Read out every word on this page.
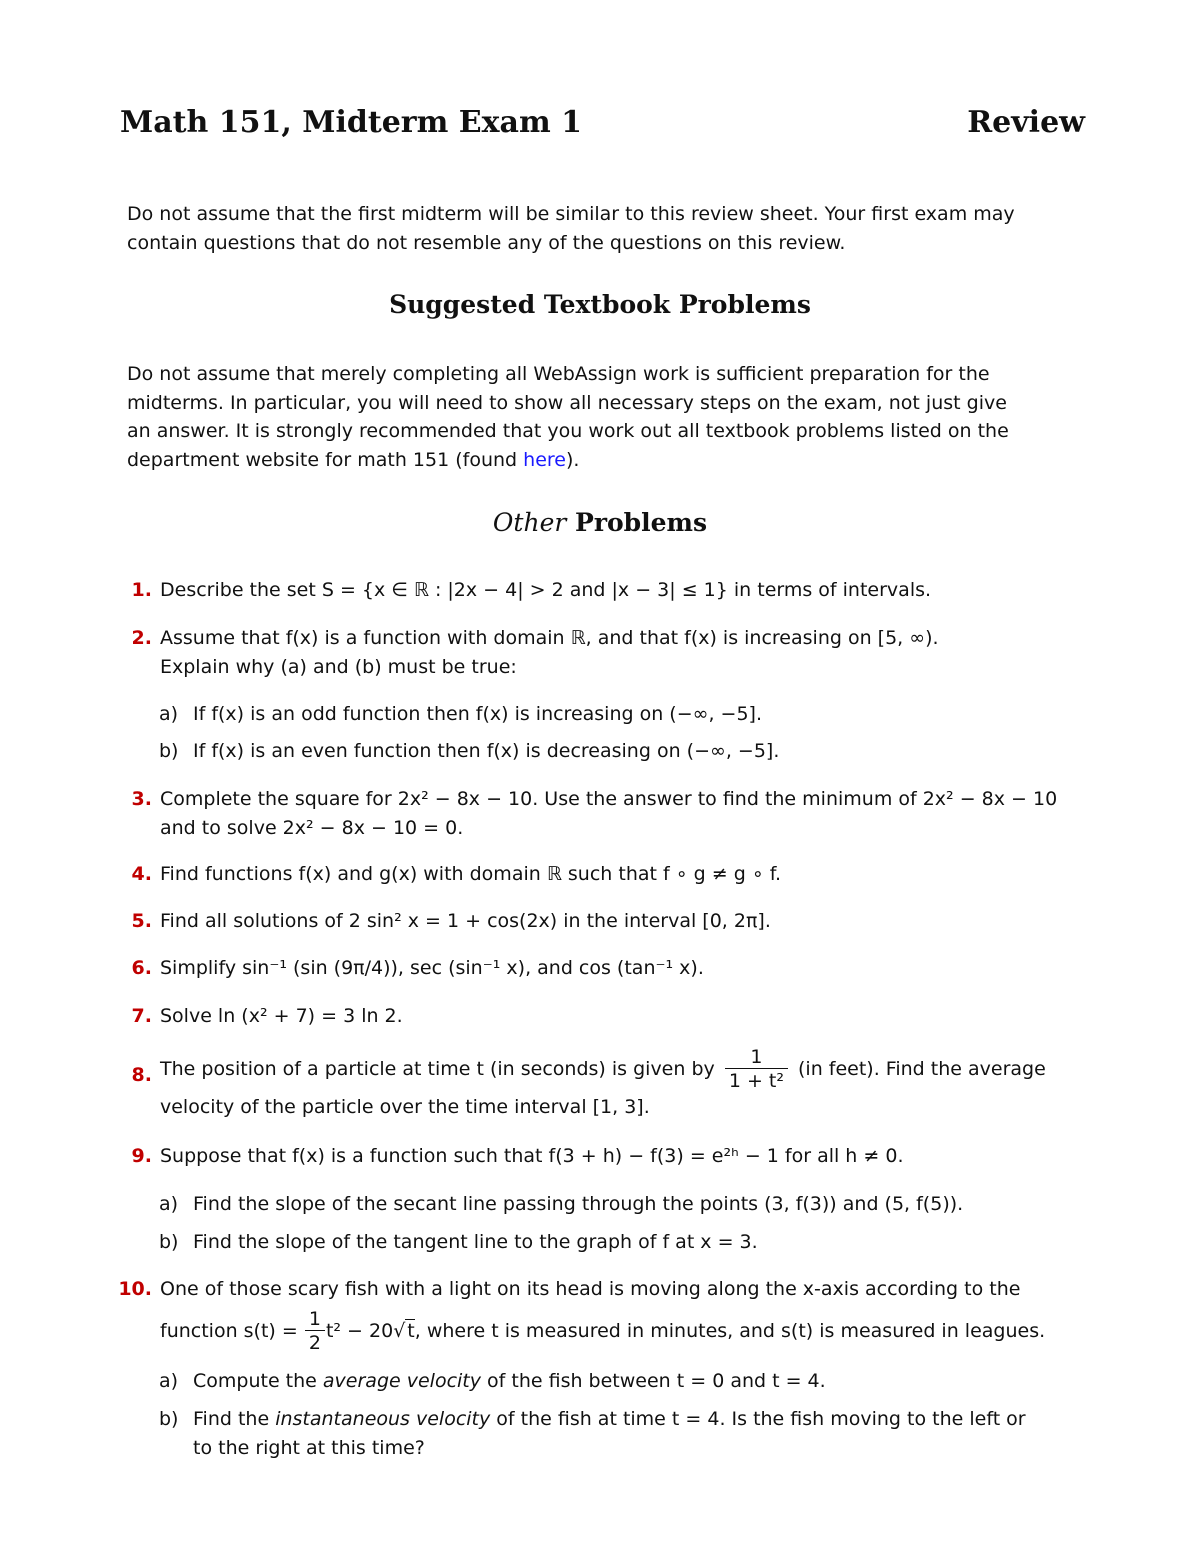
Math 151, Midterm Exam 1	Review
Do not assume that the first midterm will be similar to this review sheet. Your first exam may
contain questions that do not resemble any of the questions on this review.
Suggested Textbook Problems
Do not assume that merely completing all WebAssign work is sufficient preparation for the
midterms. In particular, you will need to show all necessary steps on the exam, not just give
an answer. It is strongly recommended that you work out all textbook problems listed on the
department website for math 151 (found here).
Other Problems
1. Describe the set S = {x ∈ ℝ : |2x − 4| > 2 and |x − 3| ≤ 1} in terms of intervals.
2. Assume that f(x) is a function with domain ℝ, and that f(x) is increasing on [5, ∞).
Explain why (a) and (b) must be true:
a) If f(x) is an odd function then f(x) is increasing on (−∞, −5].
b) If f(x) is an even function then f(x) is decreasing on (−∞, −5].
3. Complete the square for 2x² − 8x − 10. Use the answer to find the minimum of 2x² − 8x − 10
and to solve 2x² − 8x − 10 = 0.
4. Find functions f(x) and g(x) with domain ℝ such that f ∘ g ≠ g ∘ f.
5. Find all solutions of 2 sin² x = 1 + cos(2x) in the interval [0, 2π].
6. Simplify sin⁻¹ (sin (9π/4)), sec (sin⁻¹ x), and cos (tan⁻¹ x).
7. Solve ln (x² + 7) = 3 ln 2.
8. The position of a particle at time t (in seconds) is given by $\frac{1}{\text{1 + t²}} (in$ feet). Find the average
velocity of the particle over the time interval [1, 3].
9. Suppose that f(x) is a function such that f(3 + h) − f(3) = e²ʰ − 1 for all h ≠ 0.
a) Find the slope of the secant line passing through the points (3, f(3)) and (5, f(5)).
b) Find the slope of the tangent line to the graph of f at x = 3.
10. One of those scary fish with a light on its head is moving along the x-axis according to the
function $s(t) = \frac{1}{2} t^2 - 20√$ t, where t is measured in minutes, and s(t) is measured in leagues.
a) Compute the average velocity of the fish between t = 0 and t = 4.
b) Find the instantaneous velocity of the fish at time t = 4. Is the fish moving to the left or
to the right at this time?
